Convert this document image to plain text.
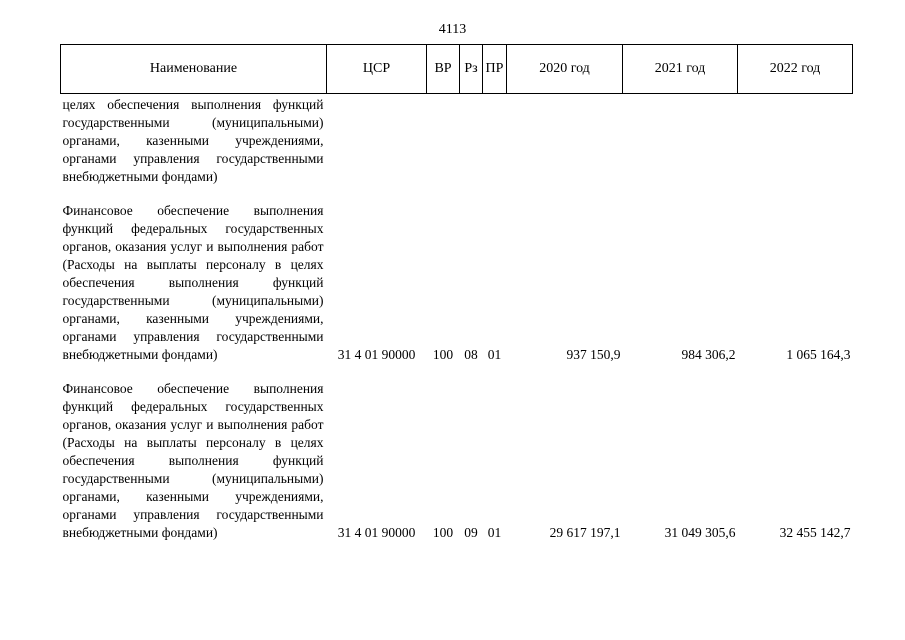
4113
Наименование	ЦСР	ВР	Рз	ПР	2020 год	2021 год	2022 год
целях обеспечения выполнения функций государственными (муниципальными) органами, казенными учреждениями, органами управления государственными внебюджетными фондами)							
Финансовое обеспечение выполнения функций федеральных государственных органов, оказания услуг и выполнения работ (Расходы на выплаты персоналу в целях обеспечения выполнения функций государственными (муниципальными) органами, казенными учреждениями, органами управления государственными внебюджетными фондами)	31 4 01 90000	100	08	01	937 150,9	984 306,2	1 065 164,3
Финансовое обеспечение выполнения функций федеральных государственных органов, оказания услуг и выполнения работ (Расходы на выплаты персоналу в целях обеспечения выполнения функций государственными (муниципальными) органами, казенными учреждениями, органами управления государственными внебюджетными фондами)	31 4 01 90000	100	09	01	29 617 197,1	31 049 305,6	32 455 142,7
